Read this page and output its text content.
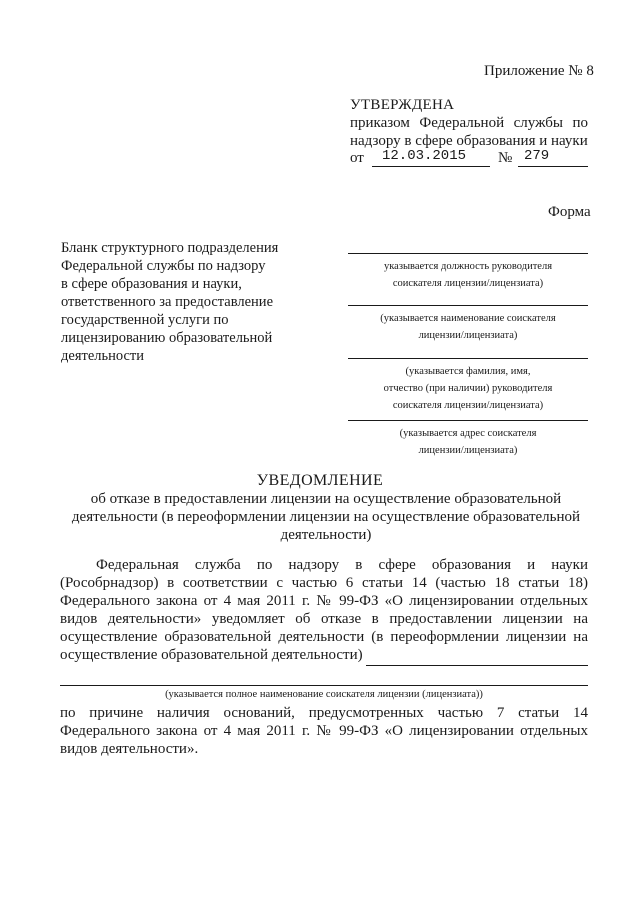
Приложение № 8
УТВЕРЖДЕНА
приказом Федеральной службы по
надзору в сфере образования и науки
от 12.03.2015 № 279
Форма
Бланк структурного подразделения
Федеральной службы по надзору
в сфере образования и науки,
ответственного за предоставление
государственной услуги по
лицензированию образовательной
деятельности
указывается должность руководителя
соискателя лицензии/лицензиата)
(указывается наименование соискателя
лицензии/лицензиата)
(указывается фамилия, имя,
отчество (при наличии) руководителя
соискателя лицензии/лицензиата)
(указывается адрес соискателя
лицензии/лицензиата)
УВЕДОМЛЕНИЕ
об отказе в предоставлении лицензии на осуществление образовательной
деятельности (в переоформлении лицензии на осуществление образовательной
деятельности)
Федеральная служба по надзору в сфере образования и науки
(Рособрнадзор) в соответствии с частью 6 статьи 14 (частью 18 статьи 18)
Федерального закона от 4 мая 2011 г. № 99-ФЗ «О лицензировании отдельных
видов деятельности» уведомляет об отказе в предоставлении лицензии на
осуществление образовательной деятельности (в переоформлении лицензии на
осуществление образовательной деятельности)
(указывается полное наименование соискателя лицензии (лицензиата))
по причине наличия оснований, предусмотренных частью 7 статьи 14
Федерального закона от 4 мая 2011 г. № 99-ФЗ «О лицензировании отдельных
видов деятельности».
